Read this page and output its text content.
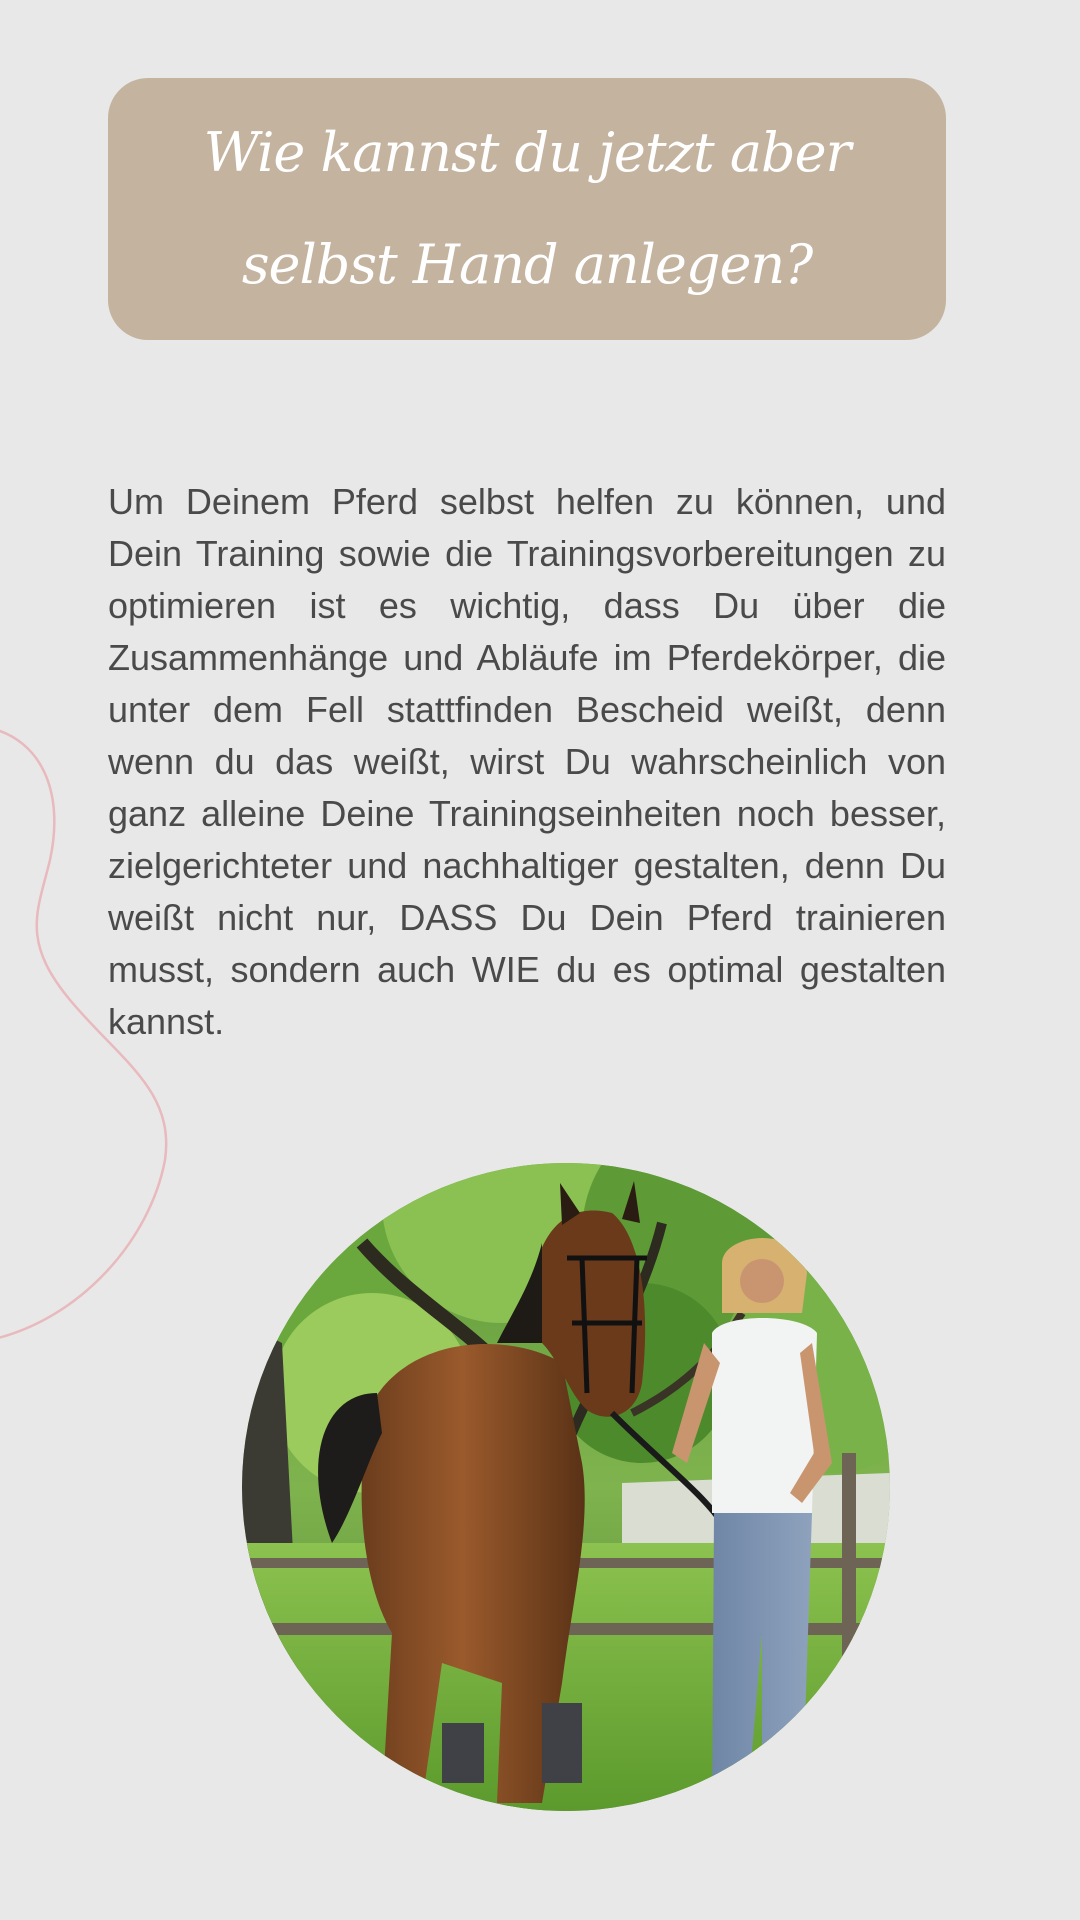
Wie kannst du jetzt aber
selbst Hand anlegen?

Um Deinem Pferd selbst helfen zu können, und Dein Training sowie die Trainingsvorbereitungen zu optimieren ist es wichtig, dass Du über die Zusammenhänge und Abläufe im Pferdekörper, die unter dem Fell stattfinden Bescheid weißt, denn wenn du das weißt, wirst Du wahrscheinlich von ganz alleine Deine Trainingseinheiten noch besser, zielgerichteter und nachhaltiger gestalten, denn Du weißt nicht nur, DASS Du Dein Pferd trainieren musst, sondern auch WIE du es optimal gestalten kannst.
